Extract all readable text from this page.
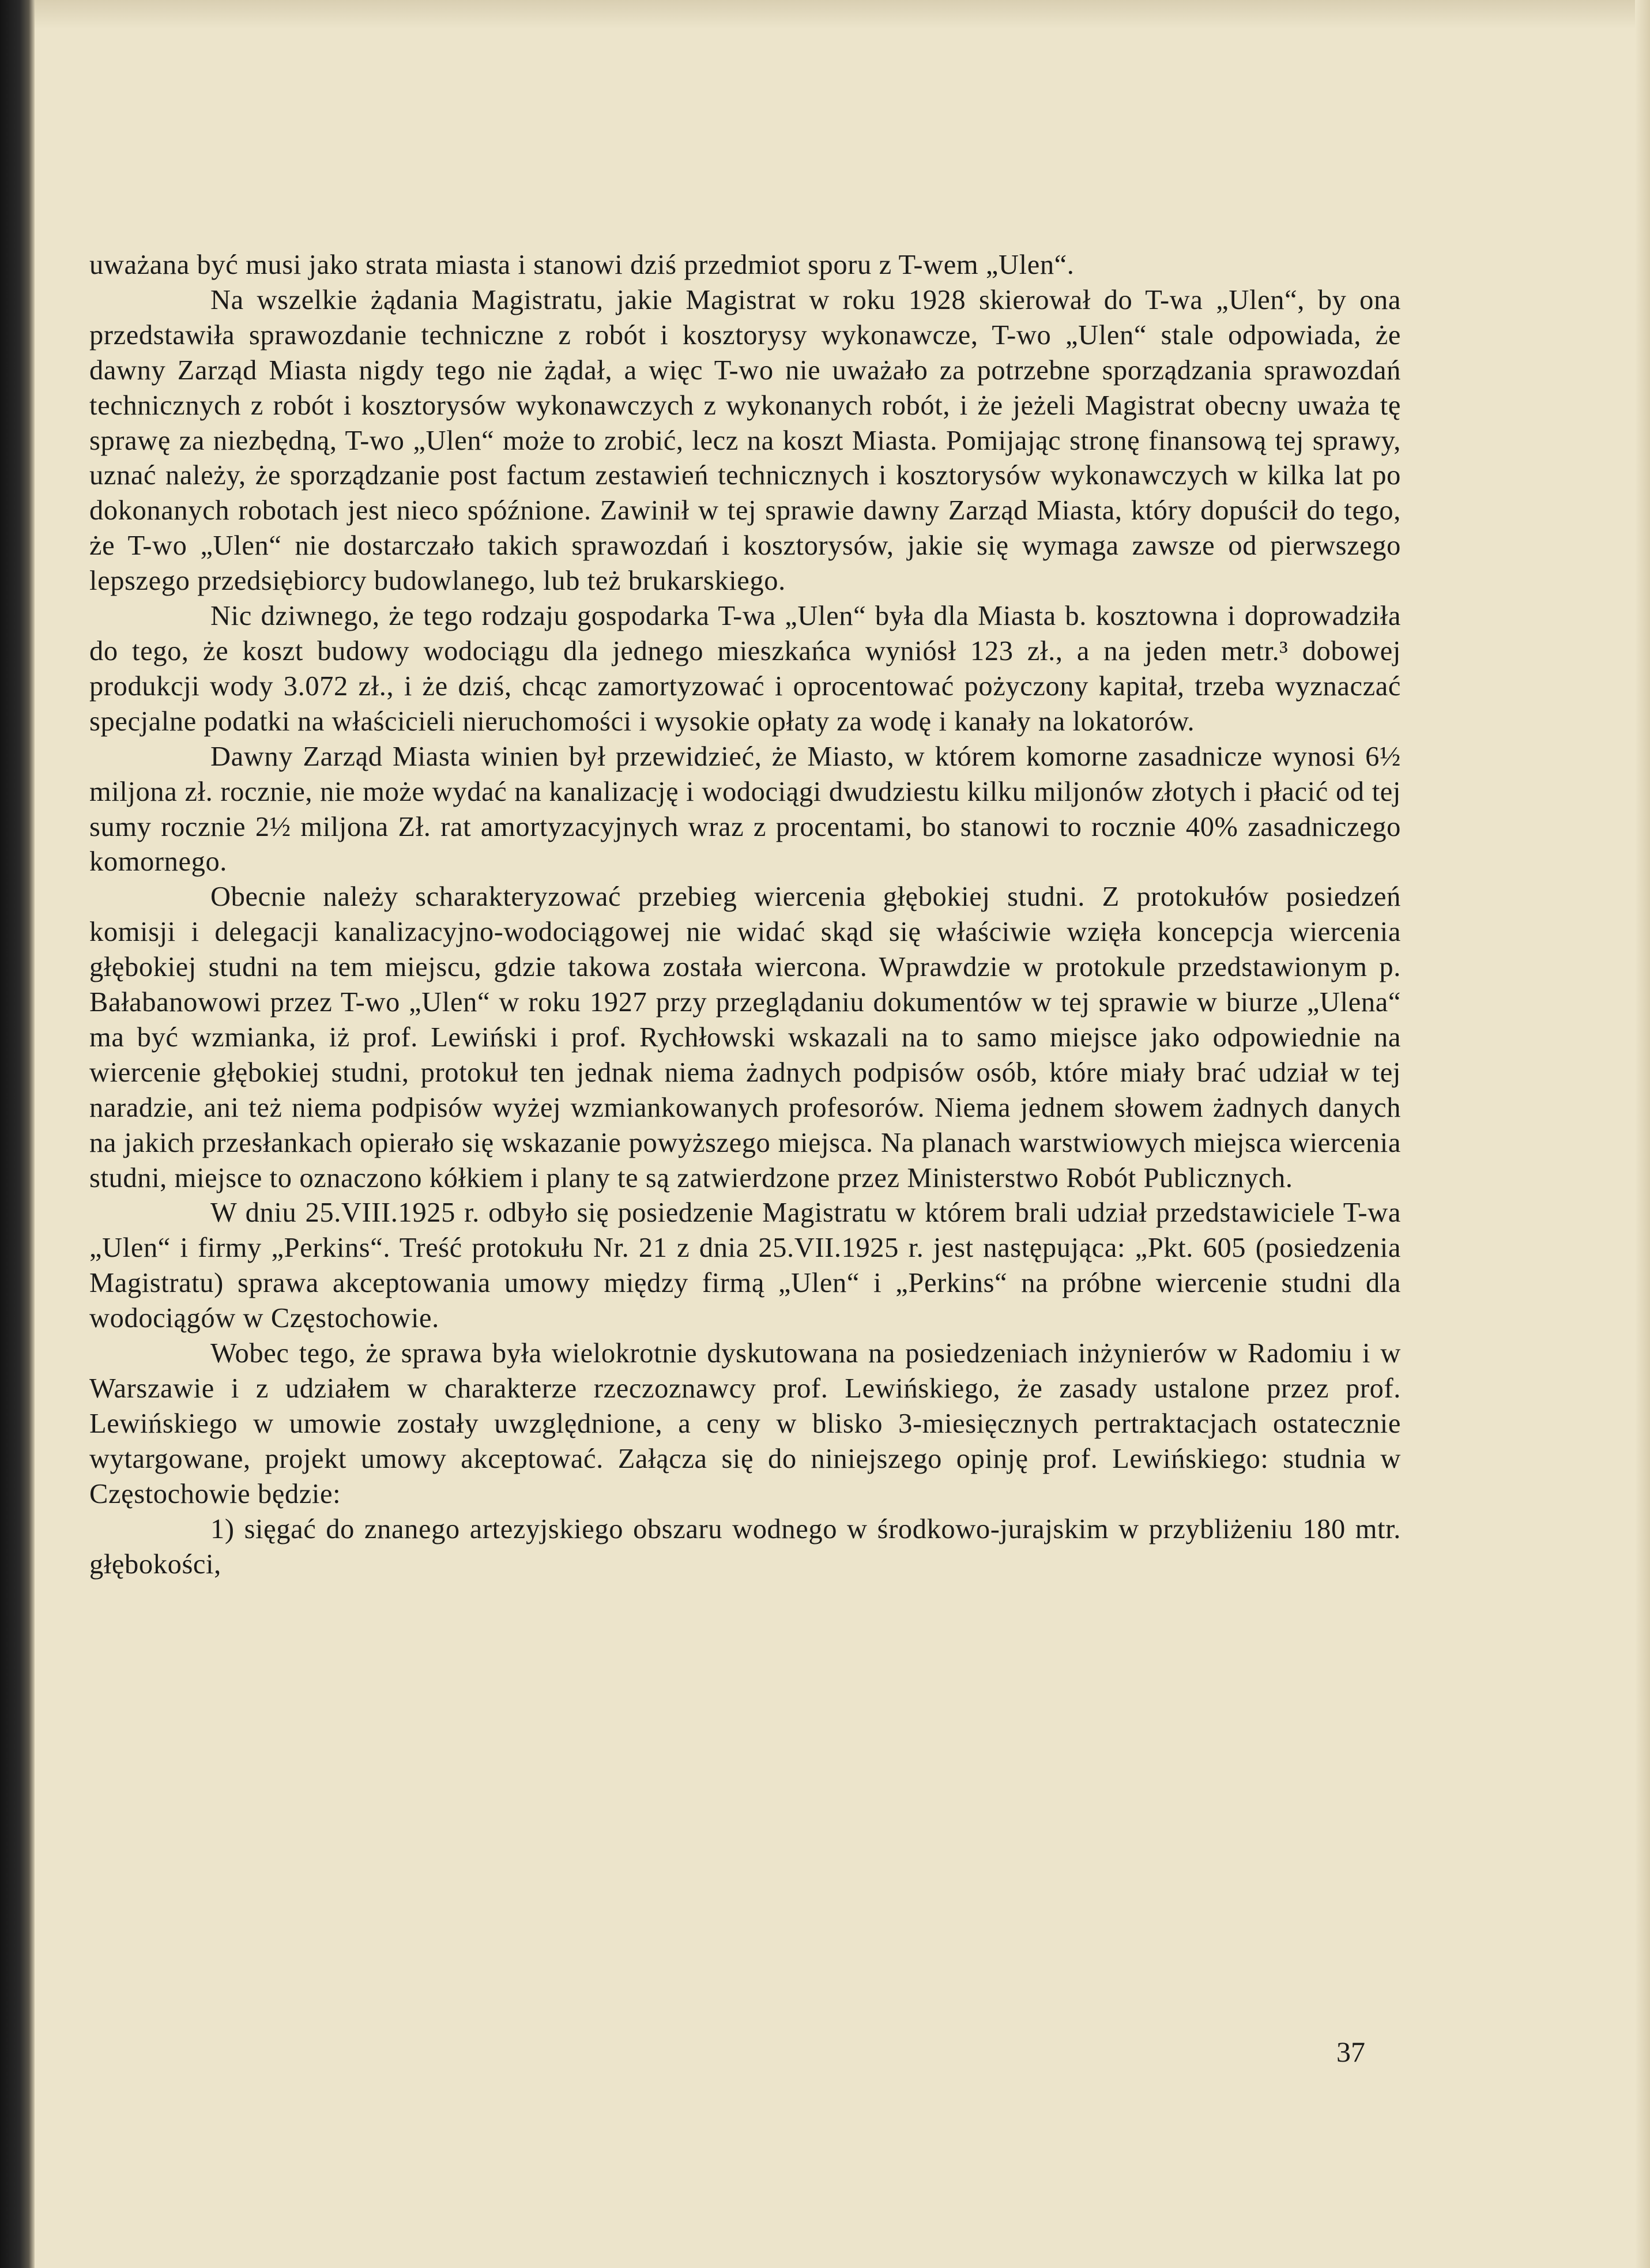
uważana być musi jako strata miasta i stanowi dziś przedmiot sporu z T-wem „Ulen“.

Na wszelkie żądania Magistratu, jakie Magistrat w roku 1928 skierował do T-wa „Ulen“, by ona przedstawiła sprawozdanie techniczne z robót i kosztorysy wykonawcze, T-wo „Ulen“ stale odpowiada, że dawny Zarząd Miasta nigdy tego nie żądał, a więc T-wo nie uważało za potrzebne sporządzania sprawozdań technicznych z robót i kosztorysów wykonawczych z wykonanych robót, i że jeżeli Magistrat obecny uważa tę sprawę za niezbędną, T-wo „Ulen“ może to zrobić, lecz na koszt Miasta. Pomijając stronę finansową tej sprawy, uznać należy, że sporządzanie post factum zestawień technicznych i kosztorysów wykonawczych w kilka lat po dokonanych robotach jest nieco spóźnione. Zawinił w tej sprawie dawny Zarząd Miasta, który dopuścił do tego, że T-wo „Ulen“ nie dostarczało takich sprawozdań i kosztorysów, jakie się wymaga zawsze od pierwszego lepszego przedsiębiorcy budowlanego, lub też brukarskiego.

Nic dziwnego, że tego rodzaju gospodarka T-wa „Ulen“ była dla Miasta b. kosztowna i doprowadziła do tego, że koszt budowy wodociągu dla jednego mieszkańca wyniósł 123 zł., a na jeden metr.³ dobowej produkcji wody 3.072 zł., i że dziś, chcąc zamortyzować i oprocentować pożyczony kapitał, trzeba wyznaczać specjalne podatki na właścicieli nieruchomości i wysokie opłaty za wodę i kanały na lokatorów.

Dawny Zarząd Miasta winien był przewidzieć, że Miasto, w którem komorne zasadnicze wynosi 6½ miljona zł. rocznie, nie może wydać na kanalizację i wodociągi dwudziestu kilku miljonów złotych i płacić od tej sumy rocznie 2½ miljona Zł. rat amortyzacyjnych wraz z procentami, bo stanowi to rocznie 40% zasadniczego komornego.

Obecnie należy scharakteryzować przebieg wiercenia głębokiej studni. Z protokułów posiedzeń komisji i delegacji kanalizacyjno-wodociągowej nie widać skąd się właściwie wzięła koncepcja wiercenia głębokiej studni na tem miejscu, gdzie takowa została wiercona. Wprawdzie w protokule przedstawionym p. Bałabanowowi przez T-wo „Ulen“ w roku 1927 przy przeglądaniu dokumentów w tej sprawie w biurze „Ulena“ ma być wzmianka, iż prof. Lewiński i prof. Rychłowski wskazali na to samo miejsce jako odpowiednie na wiercenie głębokiej studni, protokuł ten jednak niema żadnych podpisów osób, które miały brać udział w tej naradzie, ani też niema podpisów wyżej wzmiankowanych profesorów. Niema jednem słowem żadnych danych na jakich przesłankach opierało się wskazanie powyższego miejsca. Na planach warstwiowych miejsca wiercenia studni, miejsce to oznaczono kółkiem i plany te są zatwierdzone przez Ministerstwo Robót Publicznych.

W dniu 25.VIII.1925 r. odbyło się posiedzenie Magistratu w którem brali udział przedstawiciele T-wa „Ulen“ i firmy „Perkins“. Treść protokułu Nr. 21 z dnia 25.VII.1925 r. jest następująca: „Pkt. 605 (posiedzenia Magistratu) sprawa akceptowania umowy między firmą „Ulen“ i „Perkins“ na próbne wiercenie studni dla wodociągów w Częstochowie.

Wobec tego, że sprawa była wielokrotnie dyskutowana na posiedzeniach inżynierów w Radomiu i w Warszawie i z udziałem w charakterze rzeczoznawcy prof. Lewińskiego, że zasady ustalone przez prof. Lewińskiego w umowie zostały uwzględnione, a ceny w blisko 3-miesięcznych pertraktacjach ostatecznie wytargowane, projekt umowy akceptować. Załącza się do niniejszego opinję prof. Lewińskiego: studnia w Częstochowie będzie:

1) sięgać do znanego artezyjskiego obszaru wodnego w środkowo-jurajskim w przybliżeniu 180 mtr. głębokości,

37
